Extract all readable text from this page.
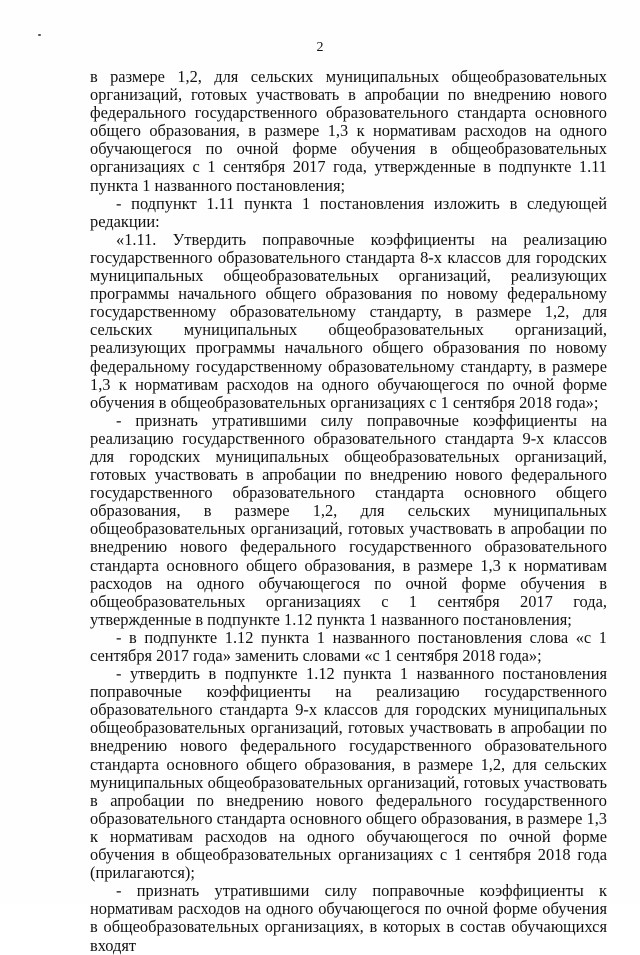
2

в размере 1,2, для сельских муниципальных общеобразовательных организаций, готовых участвовать в апробации по внедрению нового федерального государственного образовательного стандарта основного общего образования, в размере 1,3 к нормативам расходов на одного обучающегося по очной форме обучения в общеобразовательных организациях с 1 сентября 2017 года, утвержденные в подпункте 1.11 пункта 1 названного постановления;

- подпункт 1.11 пункта 1 постановления изложить в следующей редакции:

«1.11. Утвердить поправочные коэффициенты на реализацию государственного образовательного стандарта 8-х классов для городских муниципальных общеобразовательных организаций, реализующих программы начального общего образования по новому федеральному государственному образовательному стандарту, в размере 1,2, для сельских муниципальных общеобразовательных организаций, реализующих программы начального общего образования по новому федеральному государственному образовательному стандарту, в размере 1,3 к нормативам расходов на одного обучающегося по очной форме обучения в общеобразовательных организациях с 1 сентября 2018 года»;

- признать утратившими силу поправочные коэффициенты на реализацию государственного образовательного стандарта 9-х классов для городских муниципальных общеобразовательных организаций, готовых участвовать в апробации по внедрению нового федерального государственного образовательного стандарта основного общего образования, в размере 1,2, для сельских муниципальных общеобразовательных организаций, готовых участвовать в апробации по внедрению нового федерального государственного образовательного стандарта основного общего образования, в размере 1,3 к нормативам расходов на одного обучающегося по очной форме обучения в общеобразовательных организациях с 1 сентября 2017 года, утвержденные в подпункте 1.12 пункта 1 названного постановления;

- в подпункте 1.12 пункта 1 названного постановления слова «с 1 сентября 2017 года» заменить словами «с 1 сентября 2018 года»;

- утвердить в подпункте 1.12 пункта 1 названного постановления поправочные коэффициенты на реализацию государственного образовательного стандарта 9-х классов для городских муниципальных общеобразовательных организаций, готовых участвовать в апробации по внедрению нового федерального государственного образовательного стандарта основного общего образования, в размере 1,2, для сельских муниципальных общеобразовательных организаций, готовых участвовать в апробации по внедрению нового федерального государственного образовательного стандарта основного общего образования, в размере 1,3 к нормативам расходов на одного обучающегося по очной форме обучения в общеобразовательных организациях с 1 сентября 2018 года (прилагаются);

- признать утратившими силу поправочные коэффициенты к нормативам расходов на одного обучающегося по очной форме обучения в общеобразовательных организациях, в которых в состав обучающихся входят
